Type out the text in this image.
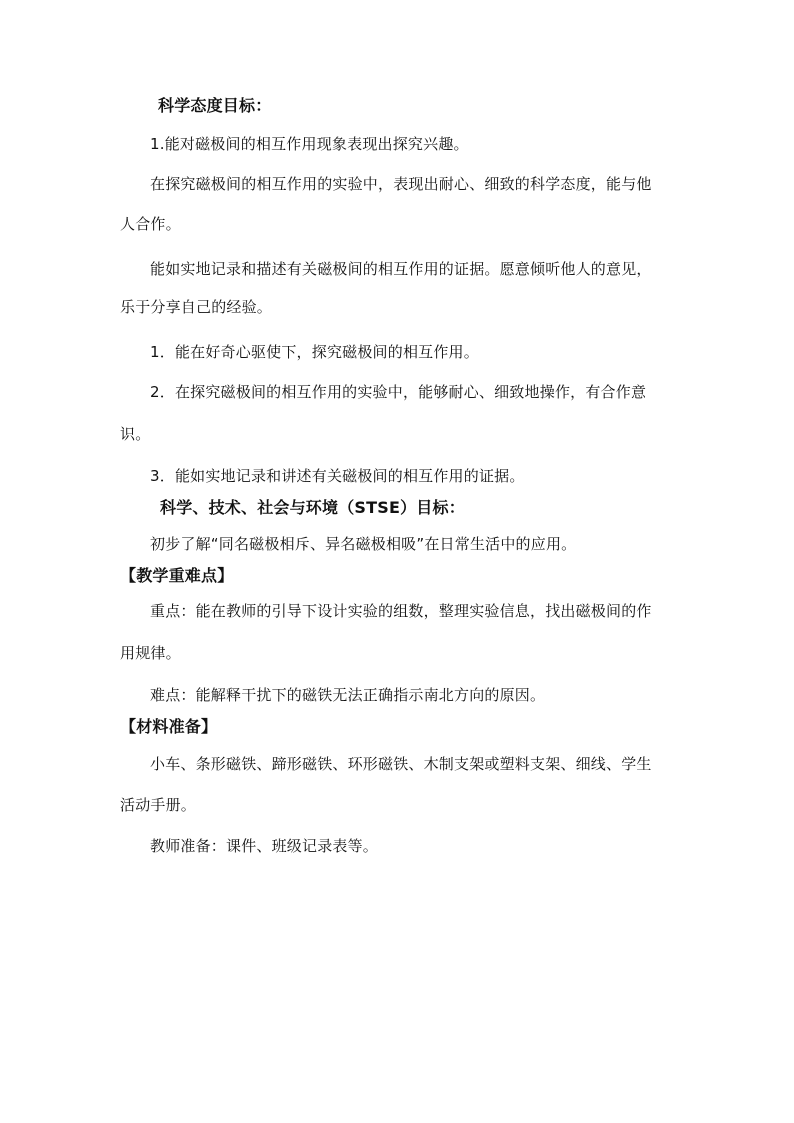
科学态度目标：
1.能对磁极间的相互作用现象表现出探究兴趣。
在探究磁极间的相互作用的实验中，表现出耐心、细致的科学态度，能与他
人合作。
能如实地记录和描述有关磁极间的相互作用的证据。愿意倾听他人的意见，
乐于分享自己的经验。
1．能在好奇心驱使下，探究磁极间的相互作用。
2．在探究磁极间的相互作用的实验中，能够耐心、细致地操作，有合作意
识。
3．能如实地记录和讲述有关磁极间的相互作用的证据。
科学、技术、社会与环境（STSE）目标：
初步了解“同名磁极相斥、异名磁极相吸”在日常生活中的应用。
【教学重难点】
重点：能在教师的引导下设计实验的组数，整理实验信息，找出磁极间的作
用规律。
难点：能解释干扰下的磁铁无法正确指示南北方向的原因。
【材料准备】
小车、条形磁铁、蹄形磁铁、环形磁铁、木制支架或塑料支架、细线、学生
活动手册。
教师准备：课件、班级记录表等。
